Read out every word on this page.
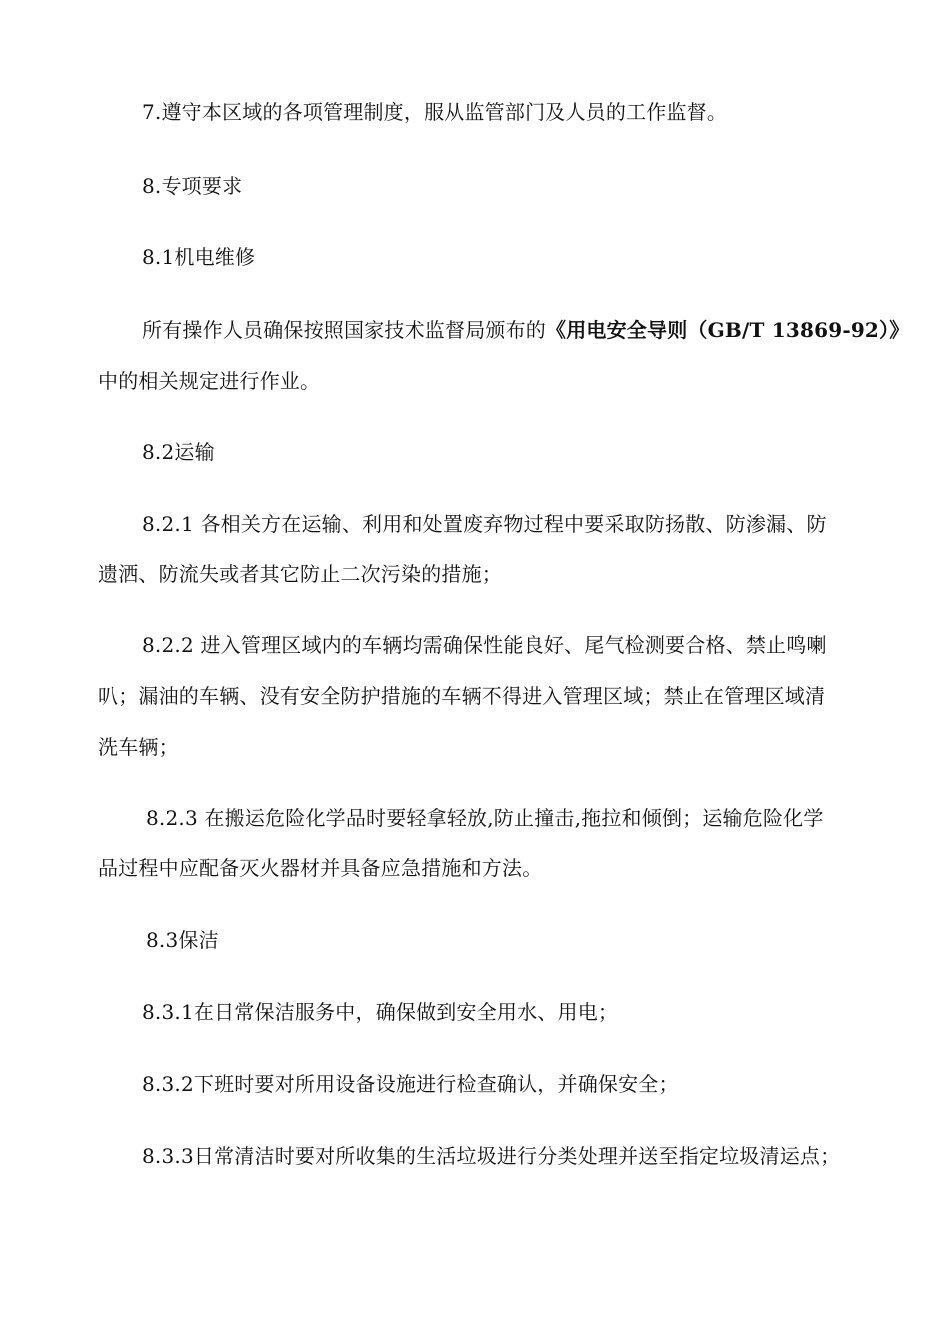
7.遵守本区域的各项管理制度，服从监管部门及人员的工作监督。
8.专项要求
8.1机电维修
所有操作人员确保按照国家技术监督局颁布的《用电安全导则（GB/T 13869-92）》
中的相关规定进行作业。
8.2运输
8.2.1 各相关方在运输、利用和处置废弃物过程中要采取防扬散、防渗漏、防
遗洒、防流失或者其它防止二次污染的措施；
8.2.2 进入管理区域内的车辆均需确保性能良好、尾气检测要合格、禁止鸣喇
叭；漏油的车辆、没有安全防护措施的车辆不得进入管理区域；禁止在管理区域清
洗车辆；
8.2.3 在搬运危险化学品时要轻拿轻放,防止撞击,拖拉和倾倒；运输危险化学
品过程中应配备灭火器材并具备应急措施和方法。
8.3保洁
8.3.1在日常保洁服务中，确保做到安全用水、用电；
8.3.2下班时要对所用设备设施进行检查确认，并确保安全；
8.3.3日常清洁时要对所收集的生活垃圾进行分类处理并送至指定垃圾清运点；
